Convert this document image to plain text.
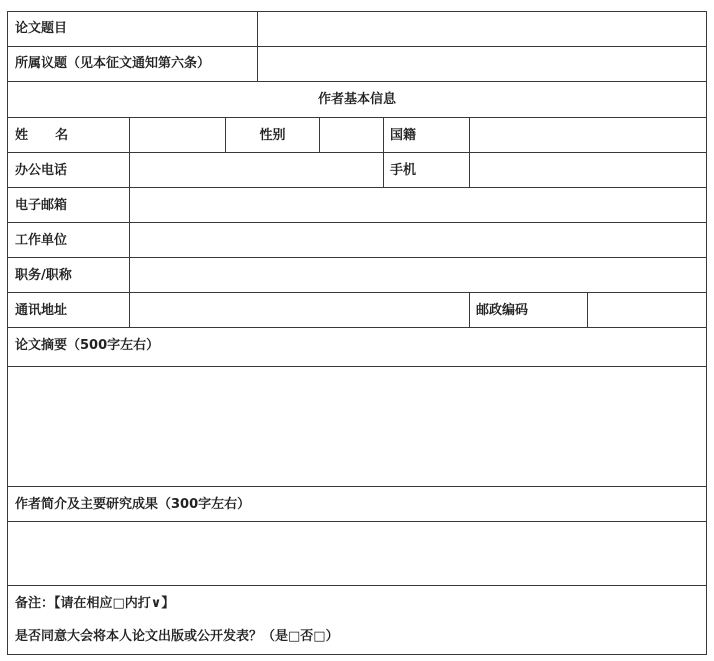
论文题目
所属议题（见本征文通知第六条）
作者基本信息
姓      名	性别	国籍
办公电话	手机
电子邮箱
工作单位
职务/职称
通讯地址	邮政编码
论文摘要（500字左右）
作者简介及主要研究成果（300字左右）
备注：【请在相应□内打∨】
是否同意大会将本人论文出版或公开发表？（是□否□）
